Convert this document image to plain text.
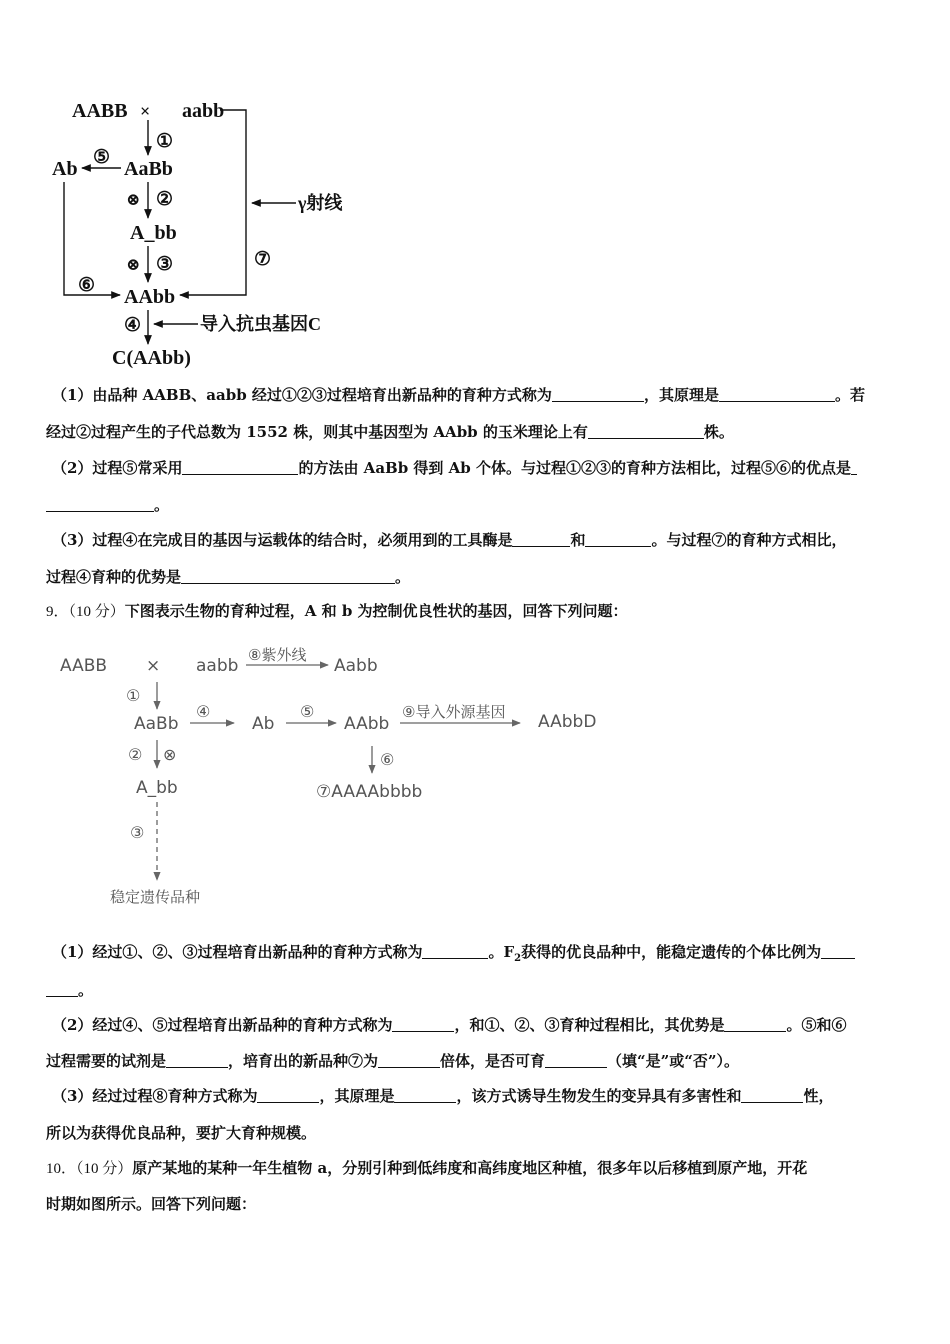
AABB × aabb
①
AaBb
⑤
Ab
⑥
⊗ ②
A_bb
⊗ ③
AAbb
γ射线
⑦
④	导入抗虫基因C
C(AAbb)
（1）由品种 AABB、aabb 经过①②③过程培育出新品种的育种方式称为	，其原理是	。若
经过②过程产生的子代总数为 1552 株，则其中基因型为 AAbb 的玉米理论上有	株。
（2）过程⑤常采用	的方法由 AaBb 得到 Ab 个体。与过程①②③的育种方法相比，过程⑤⑥的优点是
。
（3）过程④在完成目的基因与运载体的结合时，必须用到的工具酶是	和	。与过程⑦的育种方式相比，
过程④育种的优势是	。
9．（10 分）下图表示生物的育种过程，A 和 b 为控制优良性状的基因，回答下列问题：
AABB × aabb
⑧紫外线
Aabb
①
AaBb
④
Ab
⑤
AAbb
⑨导入外源基因 AAbbD
② ⊗
A_bb
⑥
⑦AAAAbbbb
③
稳定遗传品种
（1）经过①、②、③过程培育出新品种的育种方式称为	。$F_2$获得的优良品种中，能稳定遗传的个体比例为
。
（2）经过④、⑤过程培育出新品种的育种方式称为	，和①、②、③育种过程相比，其优势是	。⑤和⑥
过程需要的试剂是	，培育出的新品种⑦为	倍体，是否可育	（填“是”或“否”）。
（3）经过过程⑧育种方式称为	，其原理是	，该方式诱导生物发生的变异具有多害性和	性，
所以为获得优良品种，要扩大育种规模。
10．（10 分）原产某地的某种一年生植物 a，分别引种到低纬度和高纬度地区种植，很多年以后移植到原产地，开花
时期如图所示。回答下列问题：
